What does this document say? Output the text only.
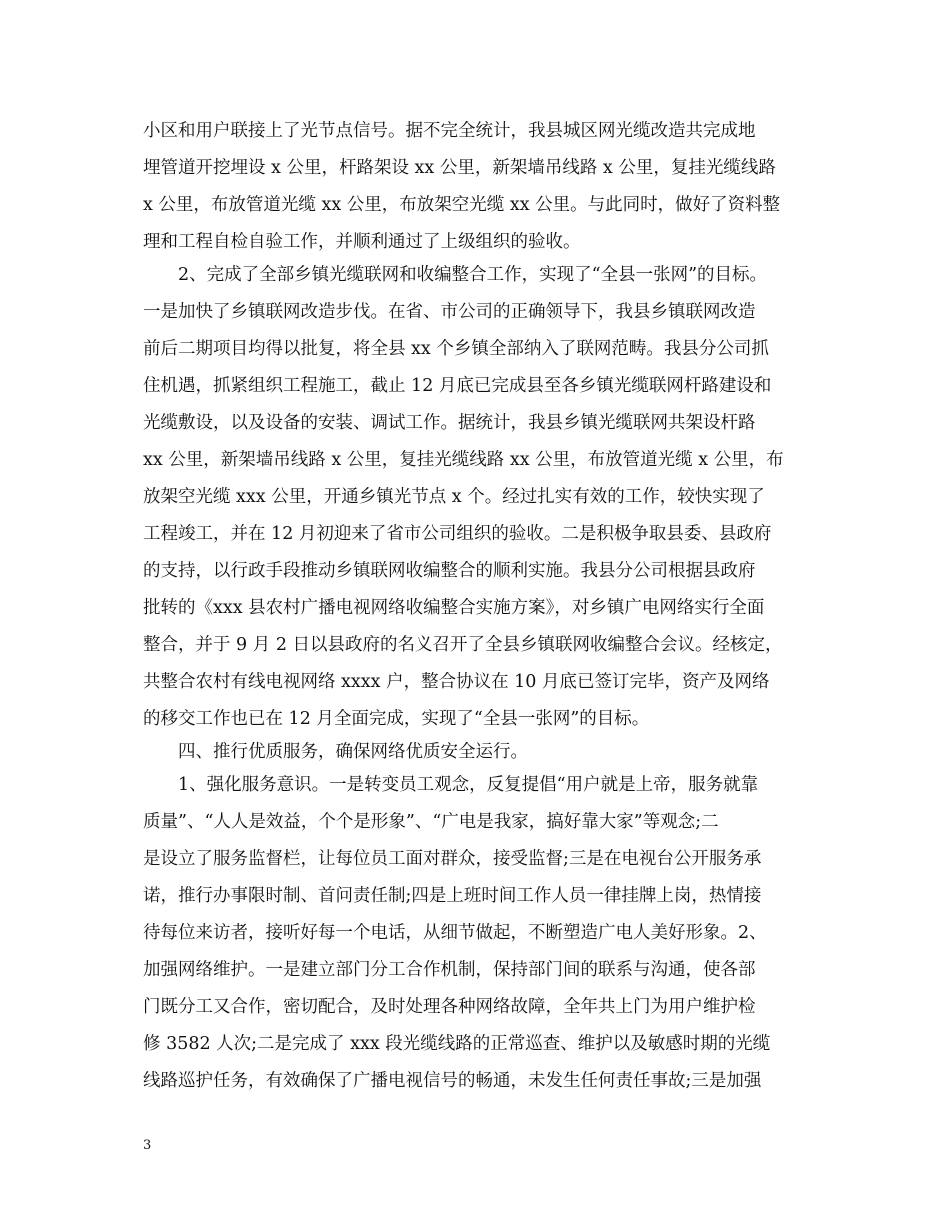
小区和用户联接上了光节点信号。据不完全统计，我县城区网光缆改造共完成地
埋管道开挖埋设 x 公里，杆路架设 xx 公里，新架墙吊线路 x 公里，复挂光缆线路
x 公里，布放管道光缆 xx 公里，布放架空光缆 xx 公里。与此同时，做好了资料整
理和工程自检自验工作，并顺利通过了上级组织的验收。
　　2、完成了全部乡镇光缆联网和收编整合工作，实现了“全县一张网”的目标。
一是加快了乡镇联网改造步伐。在省、市公司的正确领导下，我县乡镇联网改造
前后二期项目均得以批复，将全县 xx 个乡镇全部纳入了联网范畴。我县分公司抓
住机遇，抓紧组织工程施工，截止 12 月底已完成县至各乡镇光缆联网杆路建设和
光缆敷设，以及设备的安装、调试工作。据统计，我县乡镇光缆联网共架设杆路
xx 公里，新架墙吊线路 x 公里，复挂光缆线路 xx 公里，布放管道光缆 x 公里，布
放架空光缆 xxx 公里，开通乡镇光节点 x 个。经过扎实有效的工作，较快实现了
工程竣工，并在 12 月初迎来了省市公司组织的验收。二是积极争取县委、县政府
的支持，以行政手段推动乡镇联网收编整合的顺利实施。我县分公司根据县政府
批转的《xxx 县农村广播电视网络收编整合实施方案》，对乡镇广电网络实行全面
整合，并于 9 月 2 日以县政府的名义召开了全县乡镇联网收编整合会议。经核定，
共整合农村有线电视网络 xxxx 户，整合协议在 10 月底已签订完毕，资产及网络
的移交工作也已在 12 月全面完成，实现了“全县一张网”的目标。
　　四、推行优质服务，确保网络优质安全运行。
　　1、强化服务意识。一是转变员工观念，反复提倡“用户就是上帝，服务就靠
质量”、“人人是效益，个个是形象”、“广电是我家，搞好靠大家”等观念;二
是设立了服务监督栏，让每位员工面对群众，接受监督;三是在电视台公开服务承
诺，推行办事限时制、首问责任制;四是上班时间工作人员一律挂牌上岗，热情接
待每位来访者，接听好每一个电话，从细节做起，不断塑造广电人美好形象。2、
加强网络维护。一是建立部门分工合作机制，保持部门间的联系与沟通，使各部
门既分工又合作，密切配合，及时处理各种网络故障，全年共上门为用户维护检
修 3582 人次;二是完成了 xxx 段光缆线路的正常巡查、维护以及敏感时期的光缆
线路巡护任务，有效确保了广播电视信号的畅通，未发生任何责任事故;三是加强
3
